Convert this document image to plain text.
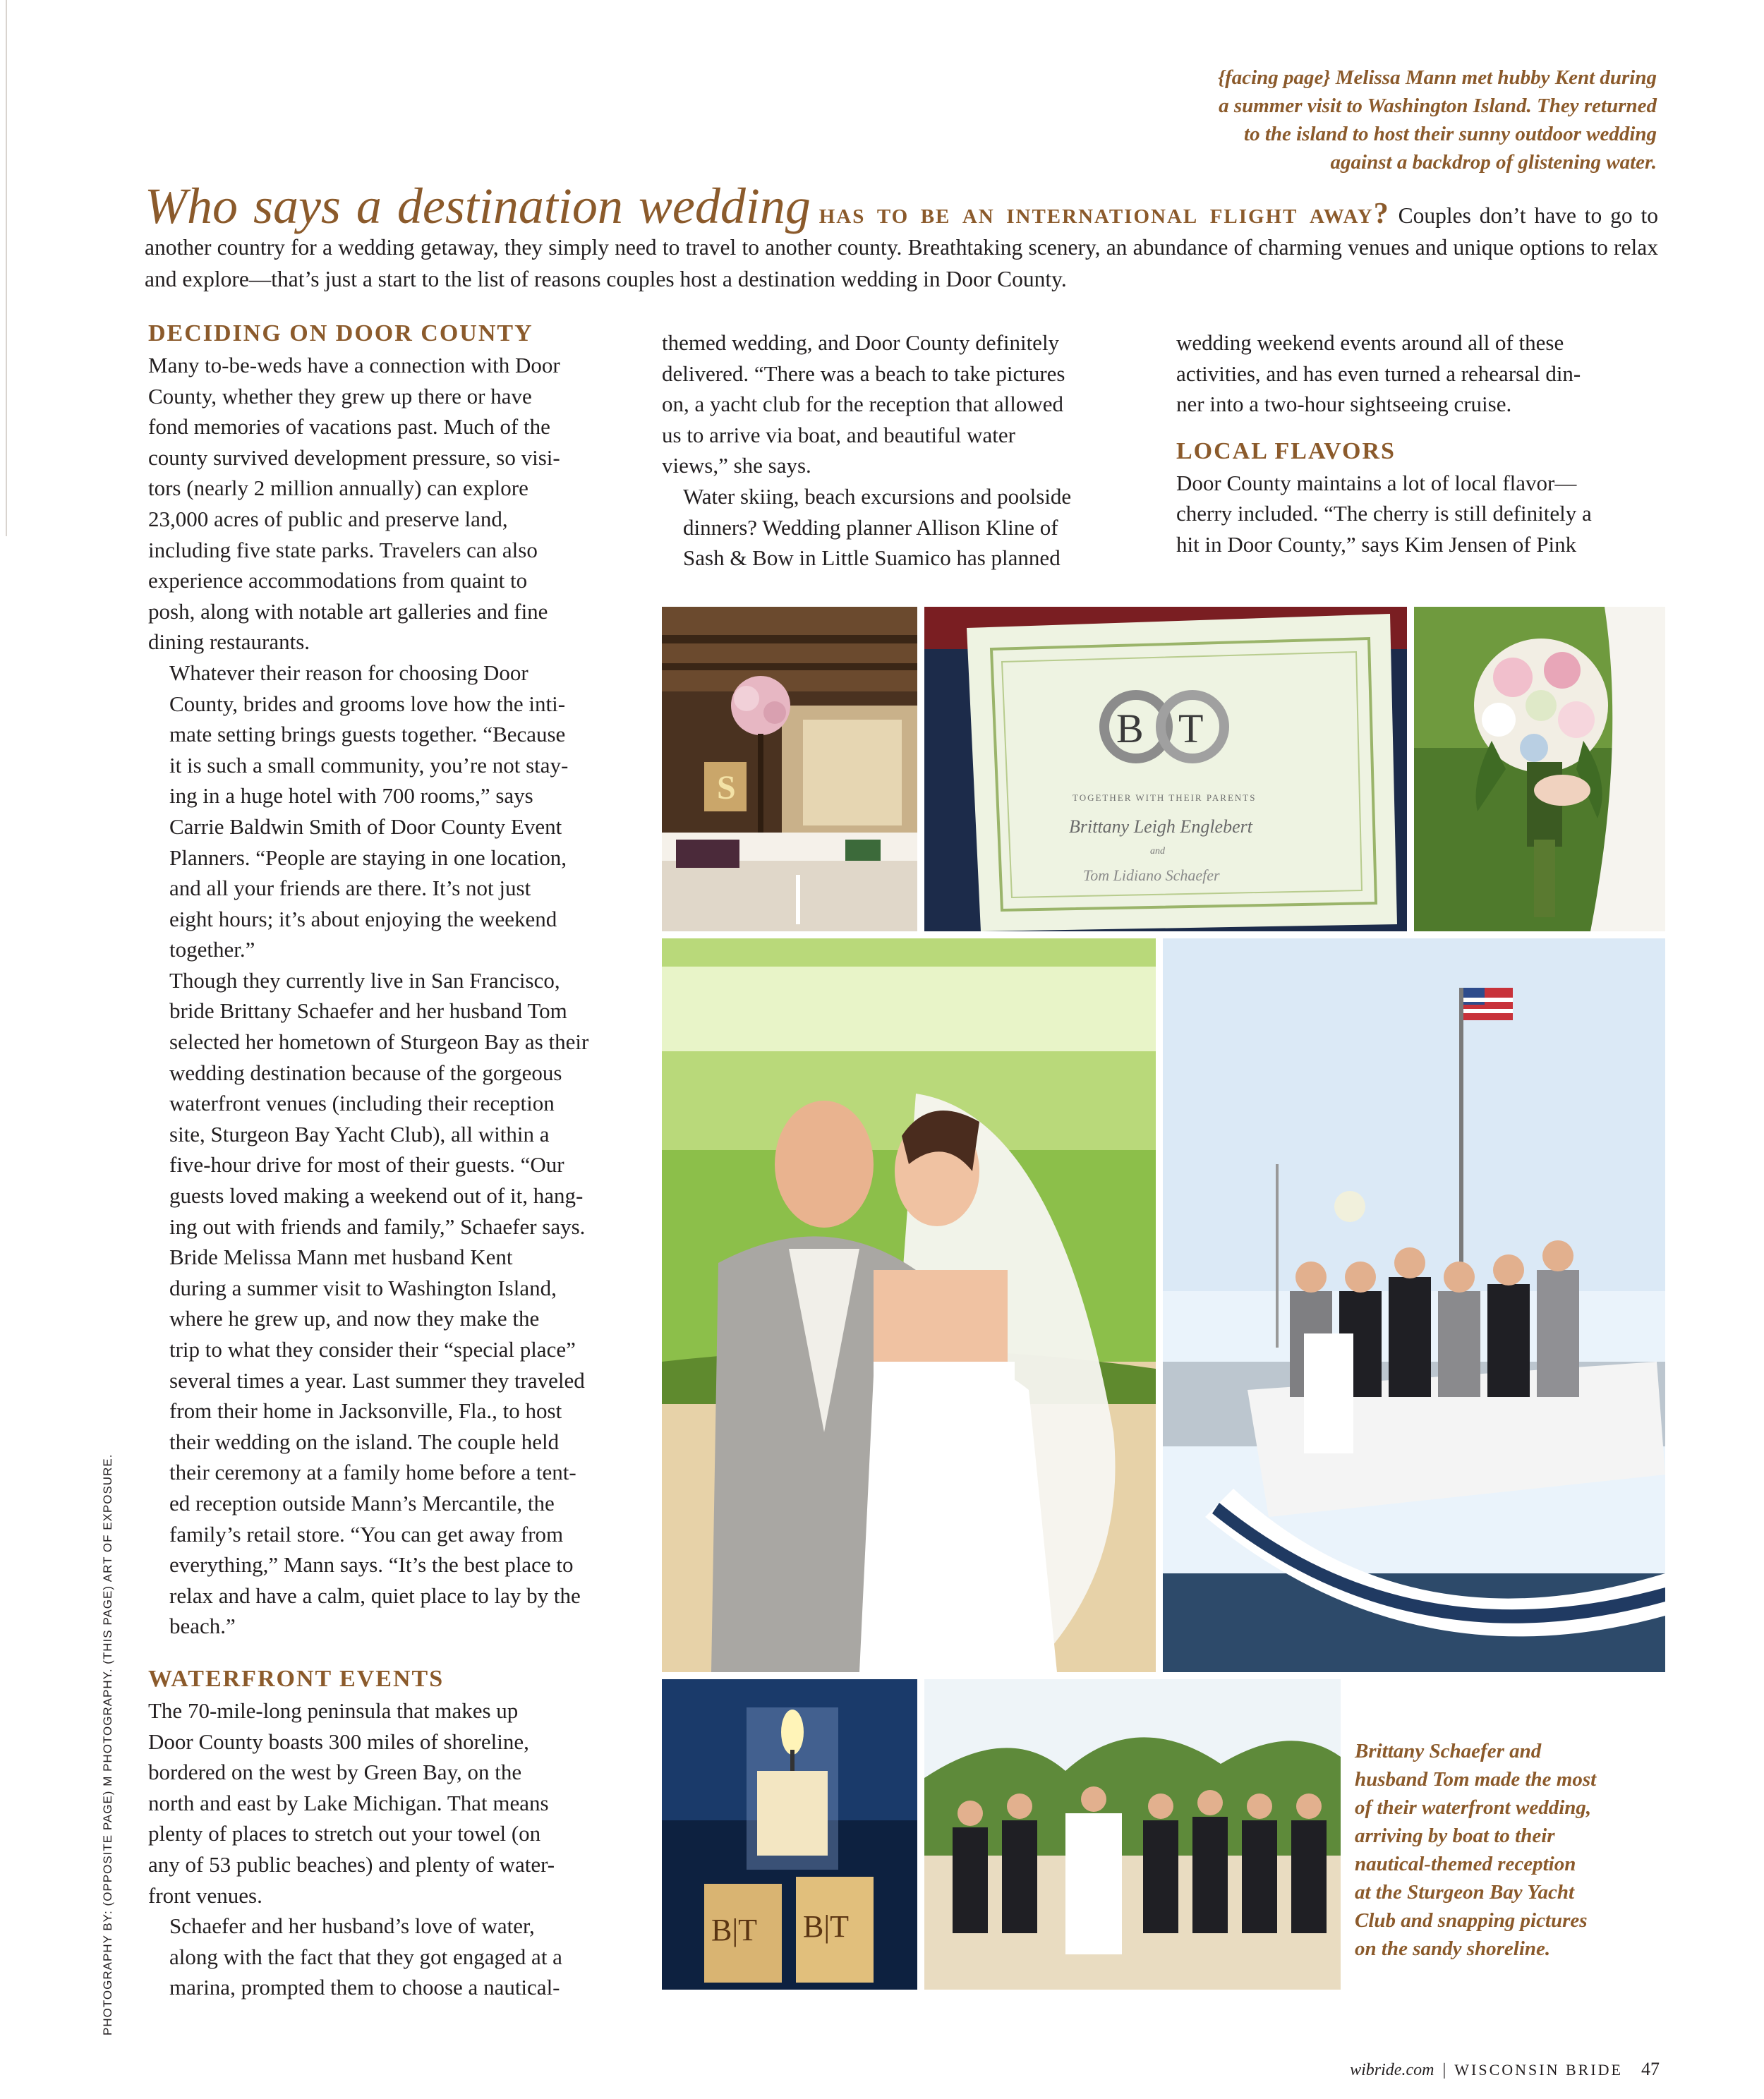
{facing page} Melissa Mann met hubby Kent during
a summer visit to Washington Island. They returned
to the island to host their sunny outdoor wedding
against a backdrop of glistening water.
Who says a destination wedding has to be an international flight away? Couples don’t have to go to another country for a wedding getaway, they simply need to travel to another county. Breathtaking scenery, an abundance of charming venues and unique options to relax and explore—that’s just a start to the list of reasons couples host a destination wedding in Door County.
DECIDING ON DOOR COUNTY

Many to-be-weds have a connection with Door
County, whether they grew up there or have
fond memories of vacations past. Much of the
county survived development pressure, so visi-
tors (nearly 2 million annually) can explore
23,000 acres of public and preserve land,
including five state parks. Travelers can also
experience accommodations from quaint to
posh, along with notable art galleries and fine
dining restaurants.

Whatever their reason for choosing Door
County, brides and grooms love how the inti-
mate setting brings guests together. “Because
it is such a small community, you’re not stay-
ing in a huge hotel with 700 rooms,” says
Carrie Baldwin Smith of Door County Event
Planners. “People are staying in one location,
and all your friends are there. It’s not just
eight hours; it’s about enjoying the weekend
together.”

Though they currently live in San Francisco,
bride Brittany Schaefer and her husband Tom
selected her hometown of Sturgeon Bay as their
wedding destination because of the gorgeous
waterfront venues (including their reception
site, Sturgeon Bay Yacht Club), all within a
five-hour drive for most of their guests. “Our
guests loved making a weekend out of it, hang-
ing out with friends and family,” Schaefer says.

Bride Melissa Mann met husband Kent
during a summer visit to Washington Island,
where he grew up, and now they make the
trip to what they consider their “special place”
several times a year. Last summer they traveled
from their home in Jacksonville, Fla., to host
their wedding on the island. The couple held
their ceremony at a family home before a tent-
ed reception outside Mann’s Mercantile, the
family’s retail store. “You can get away from
everything,” Mann says. “It’s the best place to
relax and have a calm, quiet place to lay by the
beach.”

WATERFRONT EVENTS

The 70-mile-long peninsula that makes up
Door County boasts 300 miles of shoreline,
bordered on the west by Green Bay, on the
north and east by Lake Michigan. That means
plenty of places to stretch out your towel (on
any of 53 public beaches) and plenty of water-
front venues.

Schaefer and her husband’s love of water,
along with the fact that they got engaged at a
marina, prompted them to choose a nautical-

themed wedding, and Door County definitely
delivered. “There was a beach to take pictures
on, a yacht club for the reception that allowed
us to arrive via boat, and beautiful water
views,” she says.

Water skiing, beach excursions and poolside
dinners? Wedding planner Allison Kline of
Sash & Bow in Little Suamico has planned

wedding weekend events around all of these
activities, and has even turned a rehearsal din-
ner into a two-hour sightseeing cruise.

LOCAL FLAVORS

Door County maintains a lot of local flavor—
cherry included. “The cherry is still definitely a
hit in Door County,” says Kim Jensen of Pink

S
B T
TOGETHER WITH THEIR PARENTS
Brittany Leigh Englebert
and
Tom Lidiano Schaefer
B|T B|T
Brittany Schaefer and
husband Tom made the most
of their waterfront wedding,
arriving by boat to their
nautical-themed reception
at the Sturgeon Bay Yacht
Club and snapping pictures
on the sandy shoreline.
PHOTOGRAPHY BY: (OPPOSITE PAGE) M PHOTOGRAPHY. (THIS PAGE) ART OF EXPOSURE.
wibride.com | WISCONSIN BRIDE 47
